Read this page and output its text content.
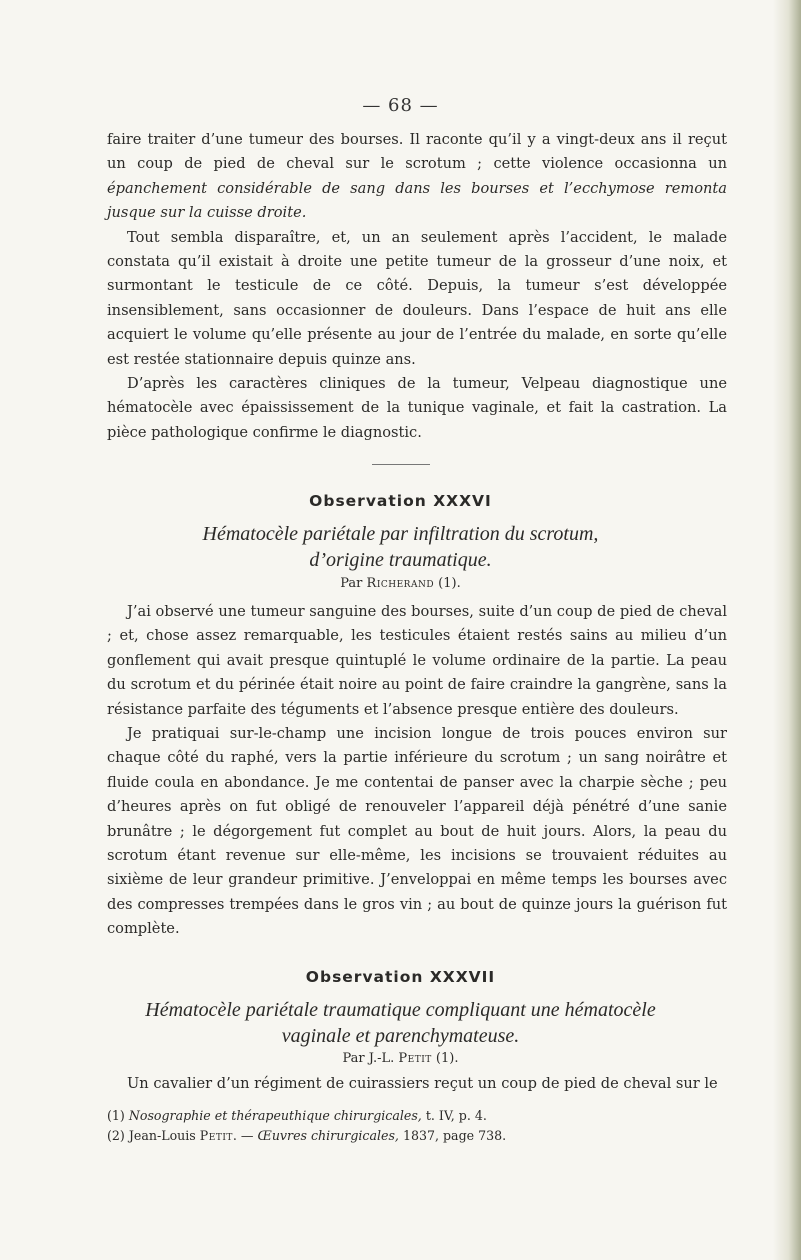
— 68 —

faire traiter d’une tumeur des bourses. Il raconte qu’il y a vingt-deux ans il reçut un coup de pied de cheval sur le scrotum ; cette violence occasionna un épanchement considérable de sang dans les bourses et l’ecchymose remonta jusque sur la cuisse droite.

Tout sembla disparaître, et, un an seulement après l’accident, le malade constata qu’il existait à droite une petite tumeur de la grosseur d’une noix, et surmontant le testicule de ce côté. Depuis, la tumeur s’est développée insensiblement, sans occasionner de douleurs. Dans l’espace de huit ans elle acquiert le volume qu’elle présente au jour de l’entrée du malade, en sorte qu’elle est restée stationnaire depuis quinze ans.

D’après les caractères cliniques de la tumeur, Velpeau diagnostique une hématocèle avec épaississement de la tunique vaginale, et fait la castration. La pièce pathologique confirme le diagnostic.

Observation XXXVI
Hématocèle pariétale par infiltration du scrotum,
d’origine traumatique.
Par Richerand (1).

J’ai observé une tumeur sanguine des bourses, suite d’un coup de pied de cheval ; et, chose assez remarquable, les testicules étaient restés sains au milieu d’un gonflement qui avait presque quintuplé le volume ordinaire de la partie. La peau du scrotum et du périnée était noire au point de faire craindre la gangrène, sans la résistance parfaite des téguments et l’absence presque entière des douleurs.

Je pratiquai sur-le-champ une incision longue de trois pouces environ sur chaque côté du raphé, vers la partie inférieure du scrotum ; un sang noirâtre et fluide coula en abondance. Je me contentai de panser avec la charpie sèche ; peu d’heures après on fut obligé de renouveler l’appareil déjà pénétré d’une sanie brunâtre ; le dégorgement fut complet au bout de huit jours. Alors, la peau du scrotum étant revenue sur elle-même, les incisions se trouvaient réduites au sixième de leur grandeur primitive. J’enveloppai en même temps les bourses avec des compresses trempées dans le gros vin ; au bout de quinze jours la guérison fut complète.

Observation XXXVII
Hématocèle pariétale traumatique compliquant une hématocèle
vaginale et parenchymateuse.
Par J.-L. Petit (1).

Un cavalier d’un régiment de cuirassiers reçut un coup de pied de cheval sur le

(1) Nosographie et thérapeuthique chirurgicales, t. IV, p. 4.
(2) Jean-Louis Petit. — Œuvres chirurgicales, 1837, page 738.
